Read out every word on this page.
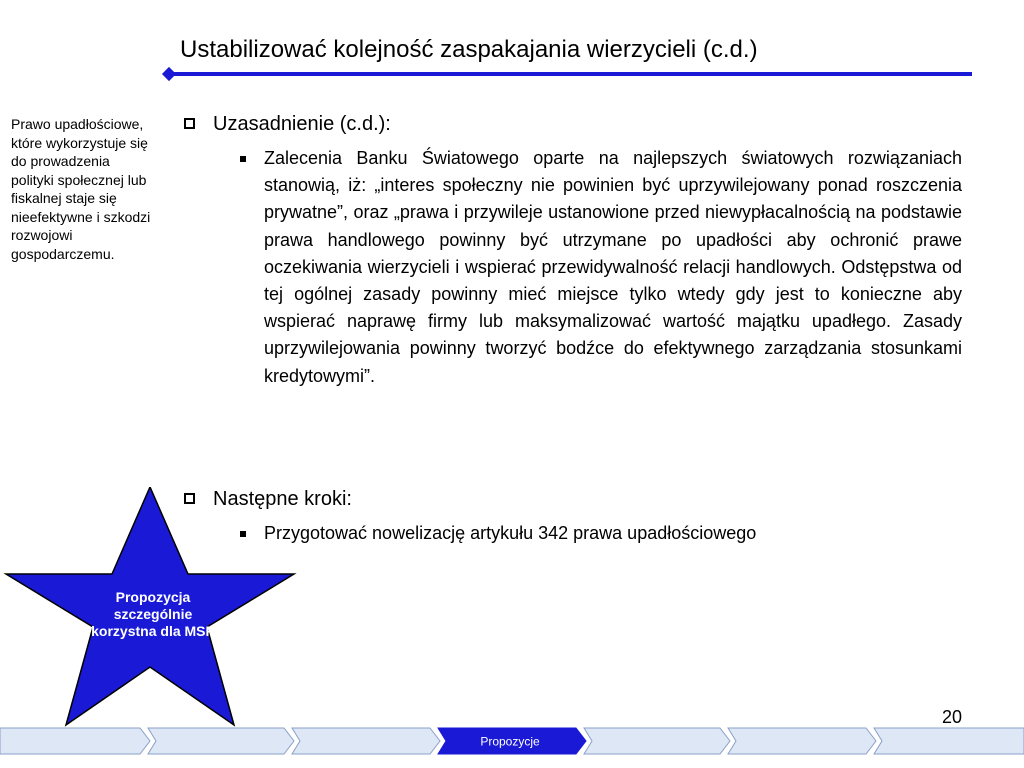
Ustabilizować kolejność zaspakajania wierzycieli (c.d.)
Prawo upadłościowe, które wykorzystuje się do prowadzenia polityki społecznej lub fiskalnej staje się nieefektywne i szkodzi rozwojowi gospodarczemu.
Uzasadnienie (c.d.):
Zalecenia Banku Światowego oparte na najlepszych światowych rozwiązaniach stanowią, iż: „interes społeczny nie powinien być uprzywilejowany ponad roszczenia prywatne”, oraz „prawa i przywileje ustanowione przed niewypłacalnością na podstawie prawa handlowego powinny być utrzymane po upadłości aby ochronić prawe oczekiwania wierzycieli i wspierać przewidywalność relacji handlowych. Odstępstwa od tej ogólnej zasady powinny mieć miejsce tylko wtedy gdy jest to konieczne aby wspierać naprawę firmy lub maksymalizować wartość majątku upadłego. Zasady uprzywilejowania powinny tworzyć bodźce do efektywnego zarządzania stosunkami kredytowymi”.
Następne kroki:
Przygotować nowelizację artykułu 342 prawa upadłościowego
Propozycja szczególnie korzystna dla MSP
20
Propozycje
